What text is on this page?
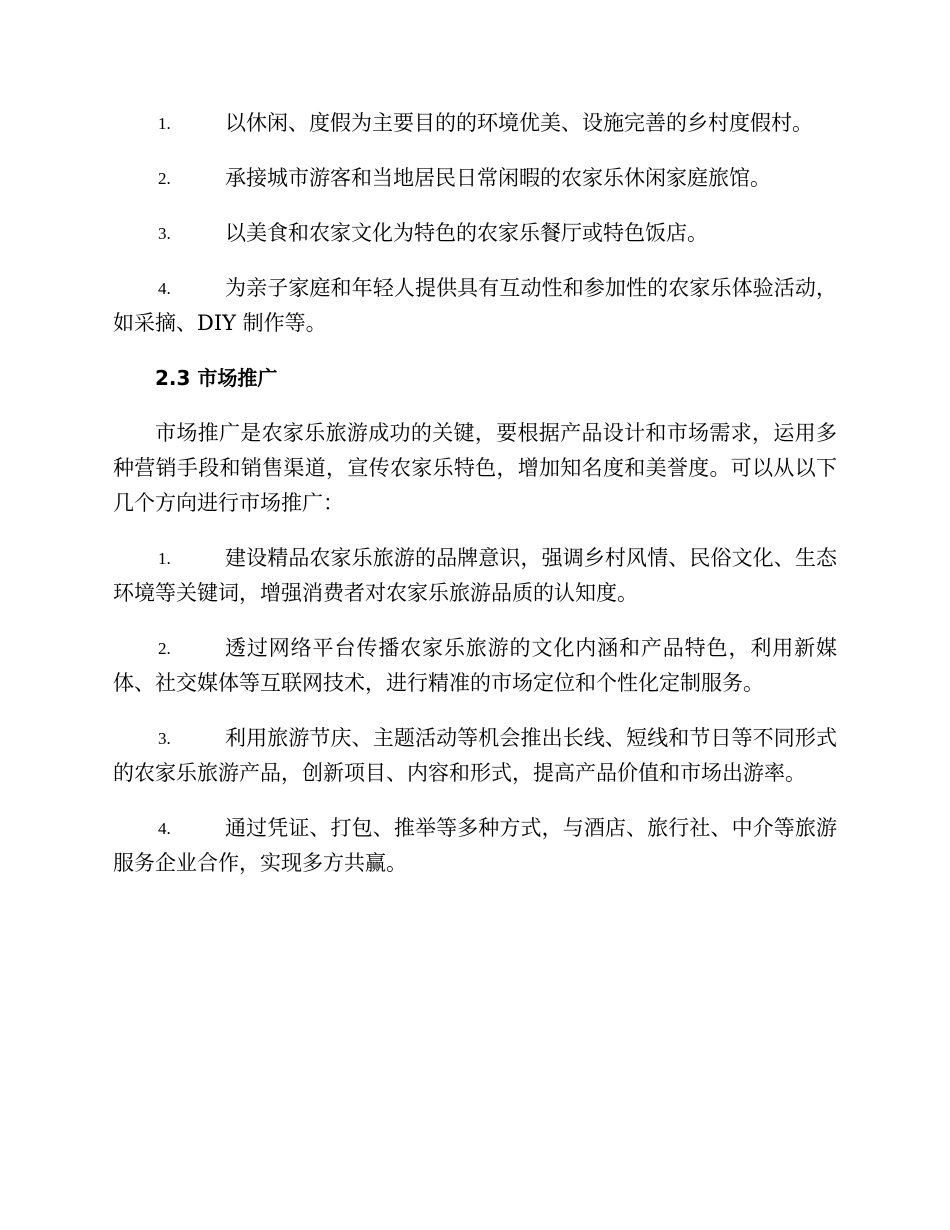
1.	以休闲、度假为主要目的的环境优美、设施完善的乡村度假村。
2.	承接城市游客和当地居民日常闲暇的农家乐休闲家庭旅馆。
3.	以美食和农家文化为特色的农家乐餐厅或特色饭店。
4.	为亲子家庭和年轻人提供具有互动性和参加性的农家乐体验活动，如采摘、DIY 制作等。
2.3 市场推广
市场推广是农家乐旅游成功的关键，要根据产品设计和市场需求，运用多种营销手段和销售渠道，宣传农家乐特色，增加知名度和美誉度。可以从以下几个方向进行市场推广：
1.	建设精品农家乐旅游的品牌意识，强调乡村风情、民俗文化、生态环境等关键词，增强消费者对农家乐旅游品质的认知度。
2.	透过网络平台传播农家乐旅游的文化内涵和产品特色，利用新媒体、社交媒体等互联网技术，进行精准的市场定位和个性化定制服务。
3.	利用旅游节庆、主题活动等机会推出长线、短线和节日等不同形式的农家乐旅游产品，创新项目、内容和形式，提高产品价值和市场出游率。
4.	通过凭证、打包、推举等多种方式，与酒店、旅行社、中介等旅游服务企业合作，实现多方共赢。
